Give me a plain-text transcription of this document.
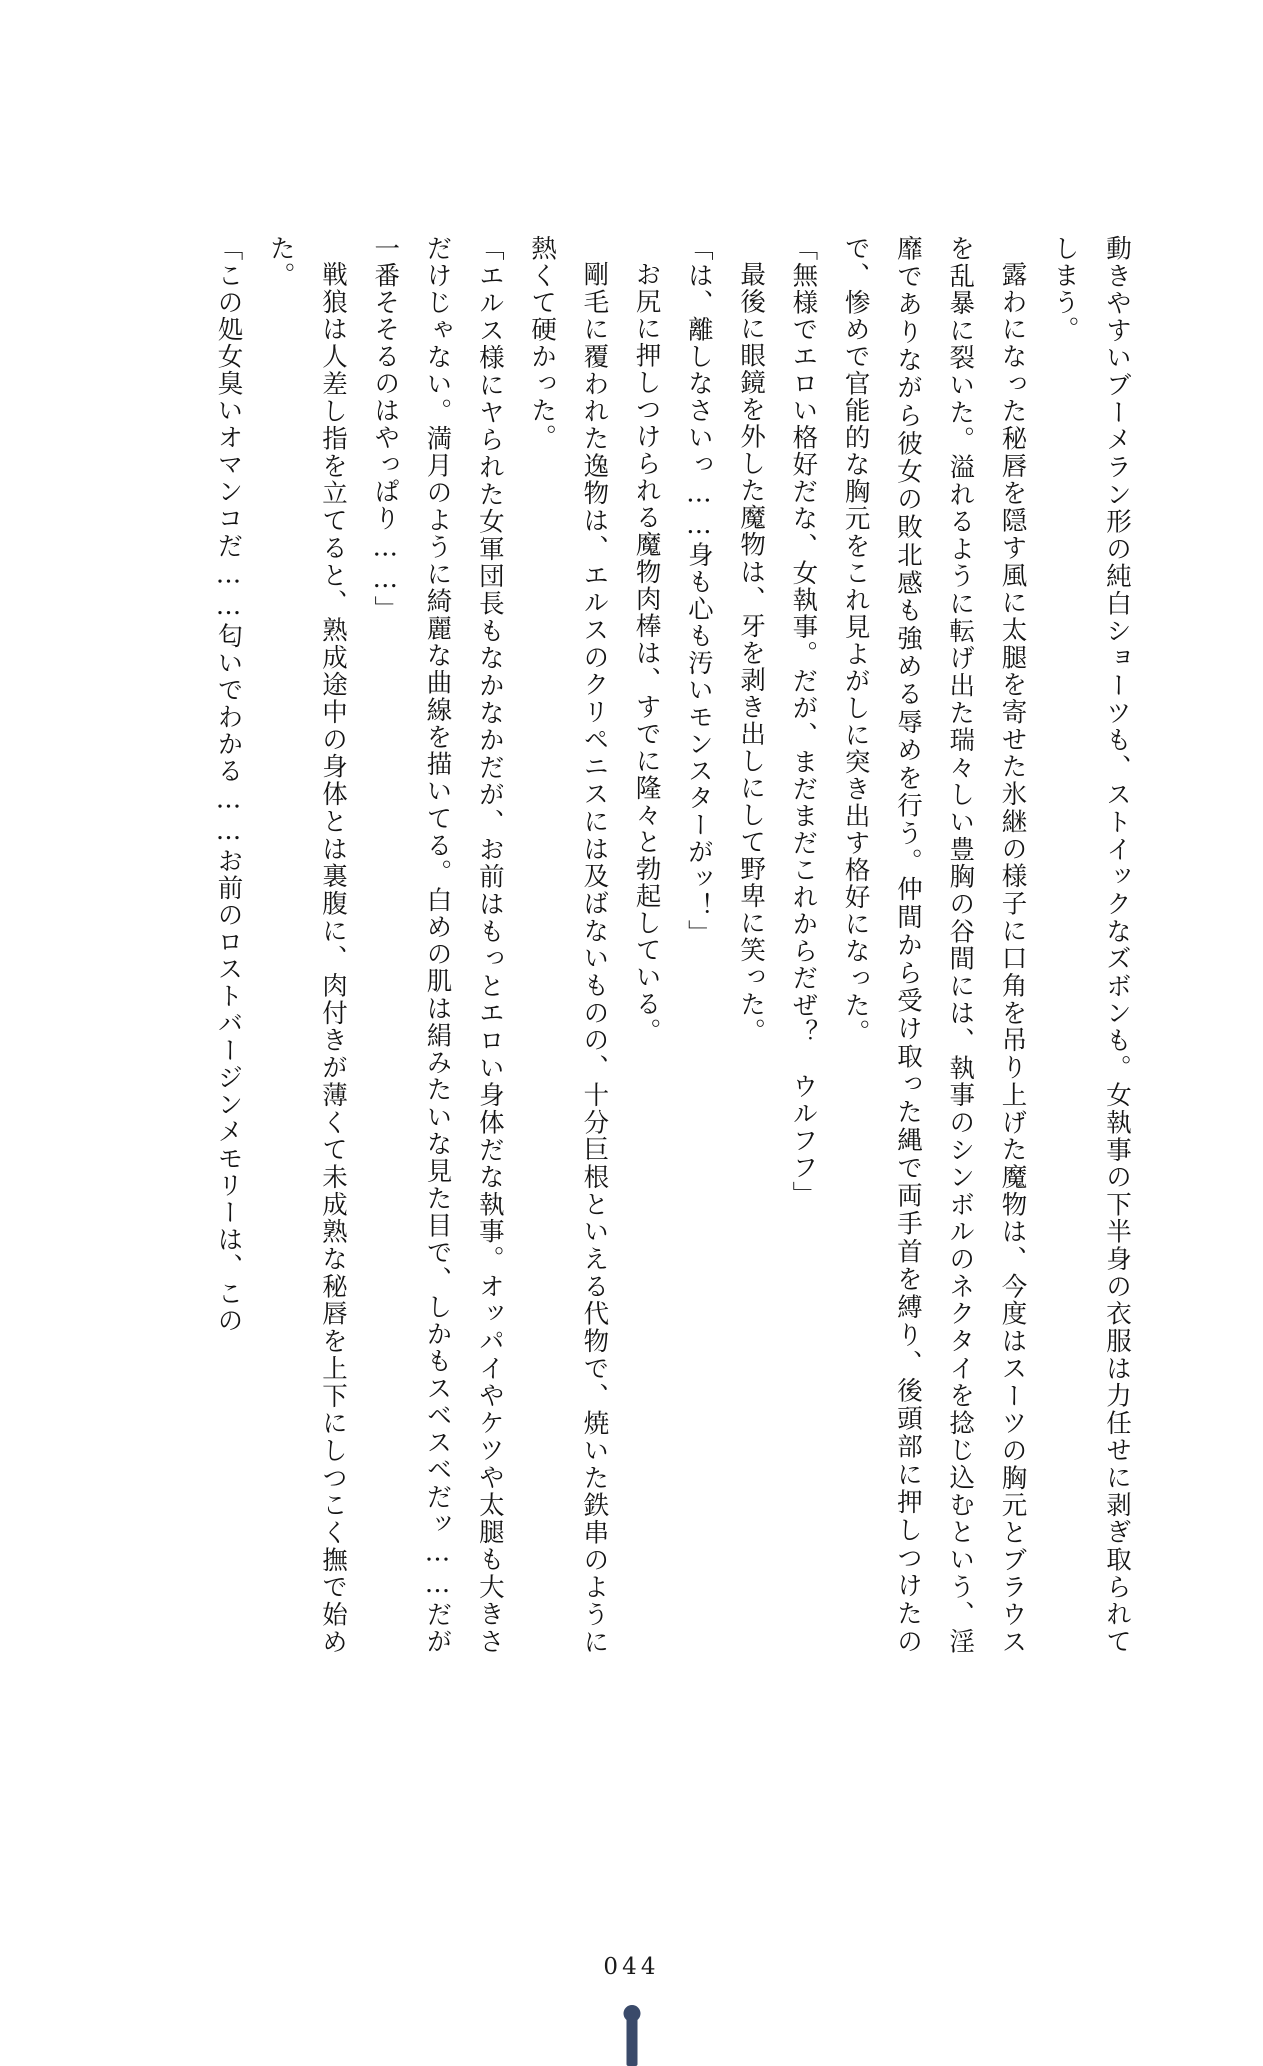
動きやすいブーメラン形の純白ショーツも、ストイックなズボンも。女執事の下半身の衣服は力任せに剥ぎ取られてしまう。

露わになった秘唇を隠す風に太腿を寄せた氷継の様子に口角を吊り上げた魔物は、今度はスーツの胸元とブラウスを乱暴に裂いた。溢れるように転げ出た瑞々しい豊胸の谷間には、執事のシンボルのネクタイを捻じ込むという、淫靡でありながら彼女の敗北感も強める辱めを行う。仲間から受け取った縄で両手首を縛り、後頭部に押しつけたので、惨めで官能的な胸元をこれ見よがしに突き出す格好になった。

「無様でエロい格好だな、女執事。だが、まだまだこれからだぜ？　ウルフフ」

最後に眼鏡を外した魔物は、牙を剥き出しにして野卑に笑った。

「は、離しなさいっ……身も心も汚いモンスターがッ！」

お尻に押しつけられる魔物肉棒は、すでに隆々と勃起している。

剛毛に覆われた逸物は、エルスのクリペニスには及ばないものの、十分巨根といえる代物で、焼いた鉄串のように熱くて硬かった。

「エルス様にヤられた女軍団長もなかなかだが、お前はもっとエロい身体だな執事。オッパイやケツや太腿も大きさだけじゃない。満月のように綺麗な曲線を描いてる。白めの肌は絹みたいな見た目で、しかもスベスベだッ……だが一番そそるのはやっぱり……」

戦狼は人差し指を立てると、熟成途中の身体とは裏腹に、肉付きが薄くて未成熟な秘唇を上下にしつこく撫で始めた。

「この処女臭いオマンコだ……匂いでわかる……お前のロストバージンメモリーは、この

044
